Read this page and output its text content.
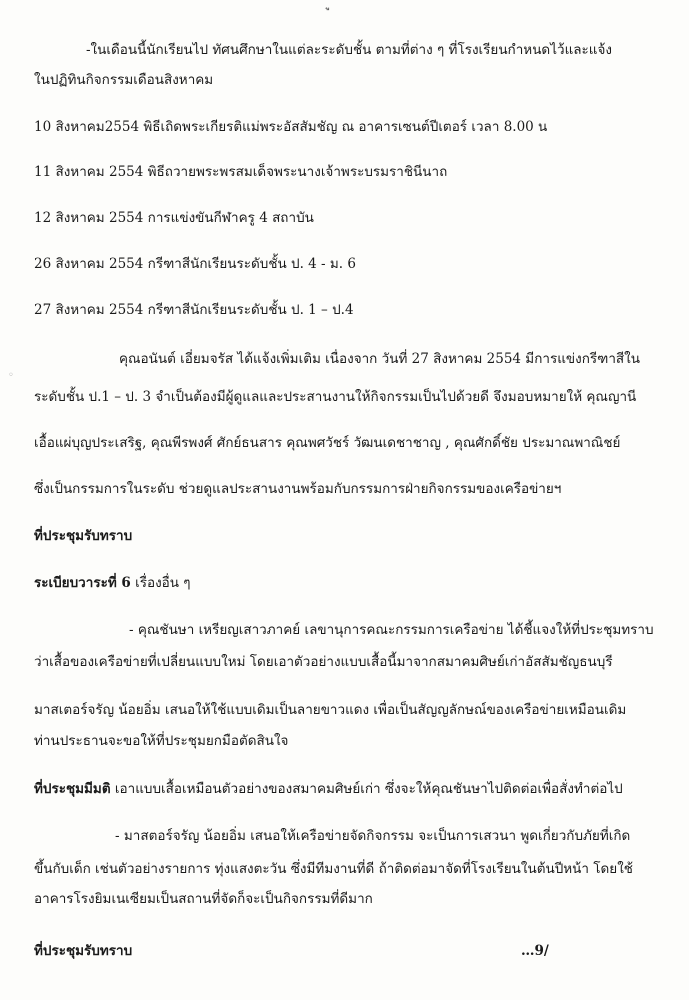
-ในเดือนนี้นักเรียนไป ทัศนศึกษาในแต่ละระดับชั้น ตามที่ต่าง ๆ ที่โรงเรียนกำหนดไว้และแจ้ง
ในปฏิทินกิจกรรมเดือนสิงหาคม
10 สิงหาคม2554 พิธีเถิดพระเกียรติแม่พระอัสสัมชัญ ณ อาคารเซนต์ปีเตอร์ เวลา 8.00 น
11 สิงหาคม 2554 พิธีถวายพระพรสมเด็จพระนางเจ้าพระบรมราชินีนาถ
12 สิงหาคม 2554 การแข่งขันกีฬาครู 4 สถาบัน
26 สิงหาคม 2554 กรีฑาสีนักเรียนระดับชั้น ป. 4 - ม. 6
27 สิงหาคม 2554 กรีฑาสีนักเรียนระดับชั้น ป. 1 – ป.4
◦
คุณอนันต์ เอี่ยมจรัส ได้แจ้งเพิ่มเติม เนื่องจาก วันที่ 27 สิงหาคม 2554 มีการแข่งกรีฑาสีใน
ระดับชั้น ป.1 – ป. 3 จำเป็นต้องมีผู้ดูแลและประสานงานให้กิจกรรมเป็นไปด้วยดี จึงมอบหมายให้ คุณญานี
เอื้อแผ่บุญประเสริฐ, คุณพีรพงศ์ ศักย์ธนสาร คุณพศวัชร์ วัฒนเดชาชาญ , คุณศักดิ์ชัย ประมาณพาณิชย์
ซึ่งเป็นกรรมการในระดับ ช่วยดูแลประสานงานพร้อมกับกรรมการฝ่ายกิจกรรมของเครือข่ายฯ
ที่ประชุมรับทราบ
ระเบียบวาระที่ 6 เรื่องอื่น ๆ
- คุณชันษา เหรียญเสาวภาคย์ เลขานุการคณะกรรมการเครือข่าย ได้ชี้แจงให้ที่ประชุมทราบ
ว่าเสื้อของเครือข่ายที่เปลี่ยนแบบใหม่ โดยเอาตัวอย่างแบบเสื้อนี้มาจากสมาคมศิษย์เก่าอัสสัมชัญธนบุรี
มาสเตอร์จรัญ น้อยอิ่ม เสนอให้ใช้แบบเดิมเป็นลายขาวแดง เพื่อเป็นสัญญลักษณ์ของเครือข่ายเหมือนเดิม
ท่านประธานจะขอให้ที่ประชุมยกมือตัดสินใจ
ที่ประชุมมีมติ เอาแบบเสื้อเหมือนตัวอย่างของสมาคมศิษย์เก่า ซึ่งจะให้คุณชันษาไปติดต่อเพื่อสั่งทำต่อไป
- มาสตอร์จรัญ น้อยอิ่ม เสนอให้เครือข่ายจัดกิจกรรม จะเป็นการเสวนา พูดเกี่ยวกับภัยที่เกิด
ขึ้นกับเด็ก เช่นตัวอย่างรายการ ทุ่งแสงตะวัน ซึ่งมีทีมงานที่ดี ถ้าติดต่อมาจัดที่โรงเรียนในต้นปีหน้า โดยใช้
อาคารโรงยิมเนเซียมเป็นสถานที่จัดก็จะเป็นกิจกรรมที่ดีมาก
ที่ประชุมรับทราบ	…9/
